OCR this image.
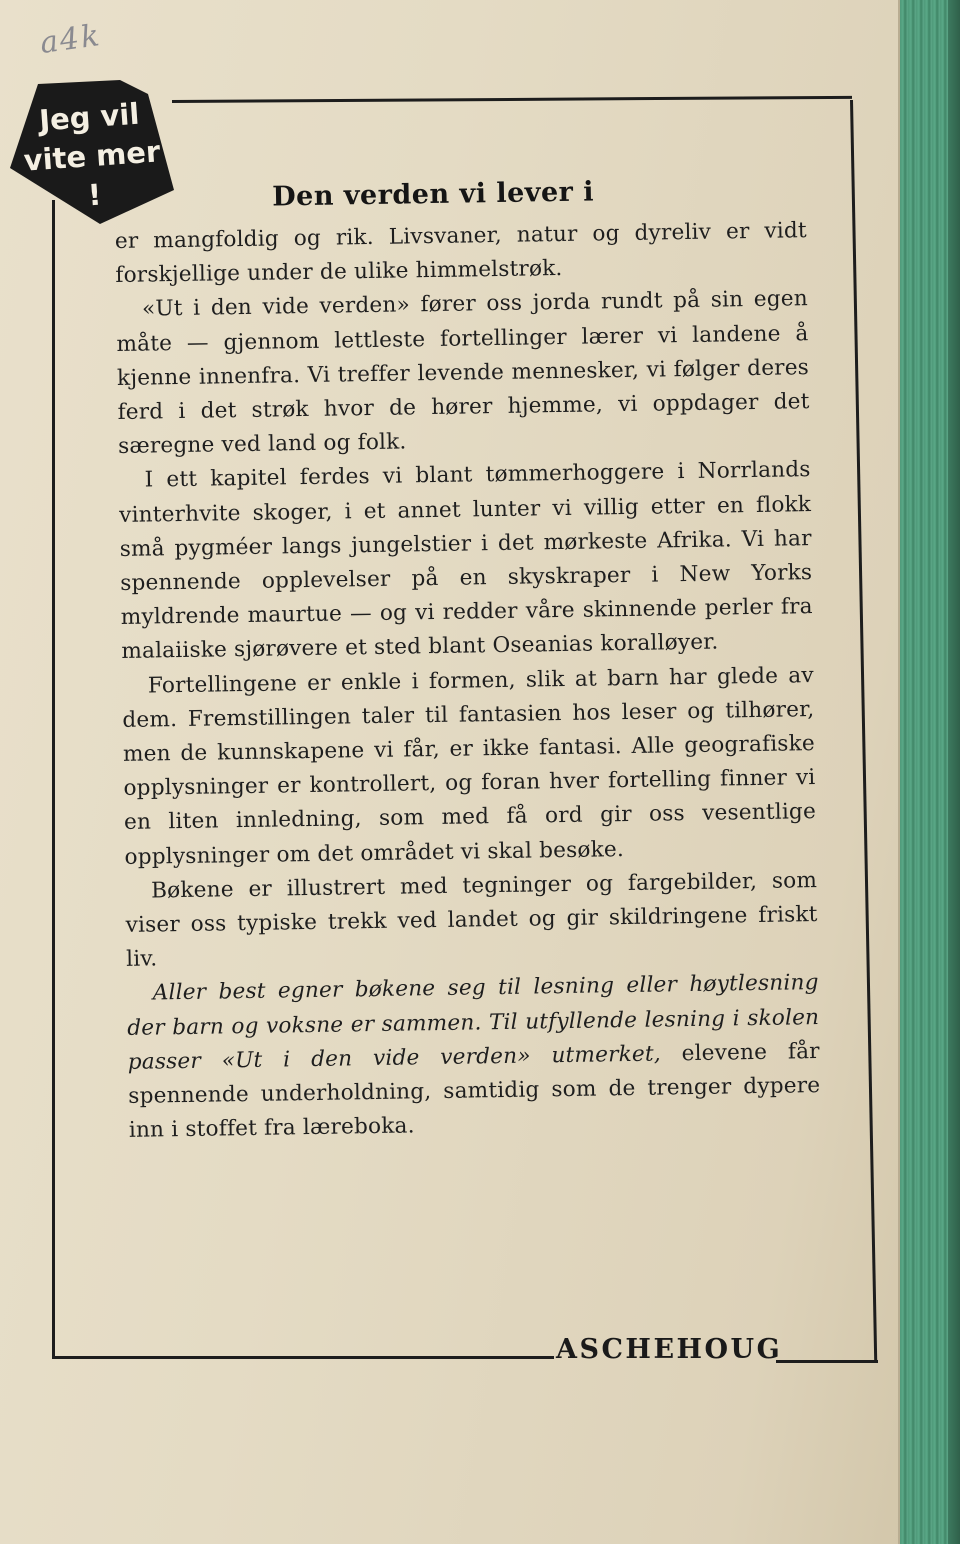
a4k
Jeg vil
vite mer
!	Den verden vi lever i

er mangfoldig og rik. Livsvaner, natur og dyreliv er vidt forskjellige under de ulike himmelstrøk.

«Ut i den vide verden» fører oss jorda rundt på sin egen måte — gjennom lettleste fortellinger lærer vi landene å kjenne innenfra. Vi treffer levende mennesker, vi følger deres ferd i det strøk hvor de hører hjemme, vi oppdager det særegne ved land og folk.

I ett kapitel ferdes vi blant tømmerhoggere i Norrlands vinterhvite skoger, i et annet lunter vi villig etter en flokk små pygméer langs jungelstier i det mørkeste Afrika. Vi har spennende opplevelser på en skyskraper i New Yorks myldrende maurtue — og vi redder våre skinnende perler fra malaiiske sjørøvere et sted blant Oseanias koralløyer.

Fortellingene er enkle i formen, slik at barn har glede av dem. Fremstillingen taler til fantasien hos leser og tilhører, men de kunnskapene vi får, er ikke fantasi. Alle geografiske opplysninger er kontrollert, og foran hver fortelling finner vi en liten innledning, som med få ord gir oss vesentlige opplysninger om det området vi skal besøke.

Bøkene er illustrert med tegninger og fargebilder, som viser oss typiske trekk ved landet og gir skildringene friskt liv.

Aller best egner bøkene seg til lesning eller høytlesning der barn og voksne er sammen. Til utfyllende lesning i skolen passer «Ut i den vide verden» utmerket, elevene får spennende underholdning, samtidig som de trenger dypere inn i stoffet fra læreboka.

ASCHEHOUG
